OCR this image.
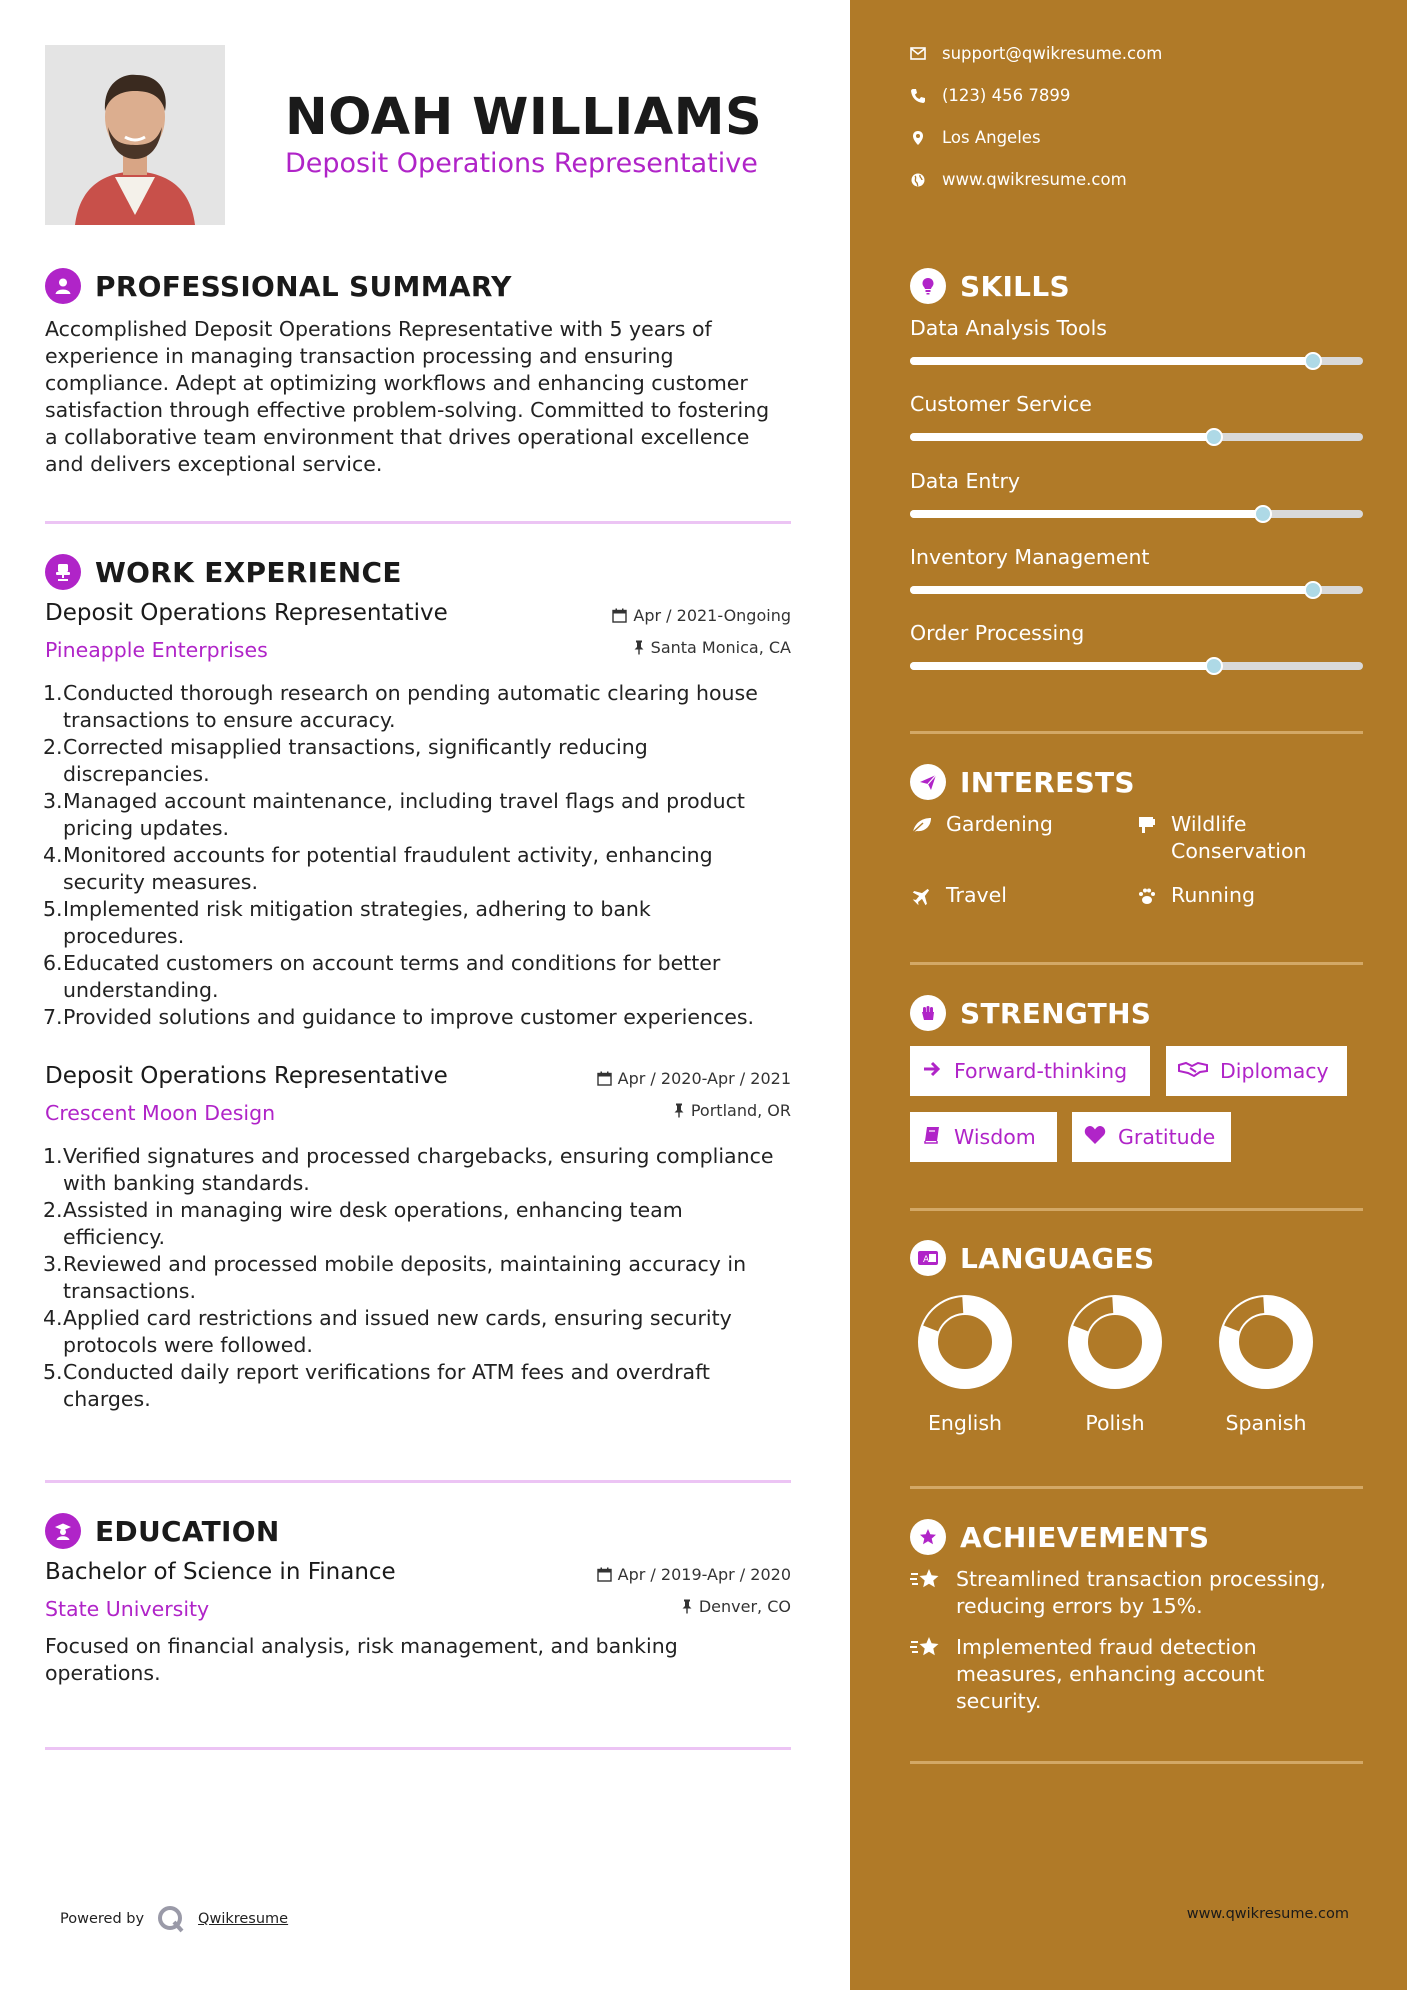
NOAH WILLIAMS
Deposit Operations Representative
PROFESSIONAL SUMMARY
Accomplished Deposit Operations Representative with 5 years of
experience in managing transaction processing and ensuring
compliance. Adept at optimizing workflows and enhancing customer
satisfaction through effective problem-solving. Committed to fostering
a collaborative team environment that drives operational excellence
and delivers exceptional service.
WORK EXPERIENCE
Deposit Operations Representative	Apr / 2021-Ongoing
Pineapple Enterprises	Santa Monica, CA
1. Conducted thorough research on pending automatic clearing house
transactions to ensure accuracy.
2. Corrected misapplied transactions, significantly reducing
discrepancies.
3. Managed account maintenance, including travel flags and product
pricing updates.
4. Monitored accounts for potential fraudulent activity, enhancing
security measures.
5. Implemented risk mitigation strategies, adhering to bank
procedures.
6. Educated customers on account terms and conditions for better
understanding.
7. Provided solutions and guidance to improve customer experiences.
Deposit Operations Representative	Apr / 2020-Apr / 2021
Crescent Moon Design	Portland, OR
1. Verified signatures and processed chargebacks, ensuring compliance
with banking standards.
2. Assisted in managing wire desk operations, enhancing team
efficiency.
3. Reviewed and processed mobile deposits, maintaining accuracy in
transactions.
4. Applied card restrictions and issued new cards, ensuring security
protocols were followed.
5. Conducted daily report verifications for ATM fees and overdraft
charges.
EDUCATION
Bachelor of Science in Finance	Apr / 2019-Apr / 2020
State University	Denver, CO
Focused on financial analysis, risk management, and banking
operations.
Powered by	Qwikresume
support@qwikresume.com
(123) 456 7899
Los Angeles
www.qwikresume.com
SKILLS
Data Analysis Tools
Customer Service
Data Entry
Inventory Management
Order Processing
INTERESTS
Gardening	Wildlife
Conservation
Travel	Running
STRENGTHS
Forward-thinking	Diplomacy
Wisdom	Gratitude
A LANGUAGES
English	Polish	Spanish
ACHIEVEMENTS
Streamlined transaction processing,
reducing errors by 15%.
Implemented fraud detection
measures, enhancing account
security.
www.qwikresume.com
